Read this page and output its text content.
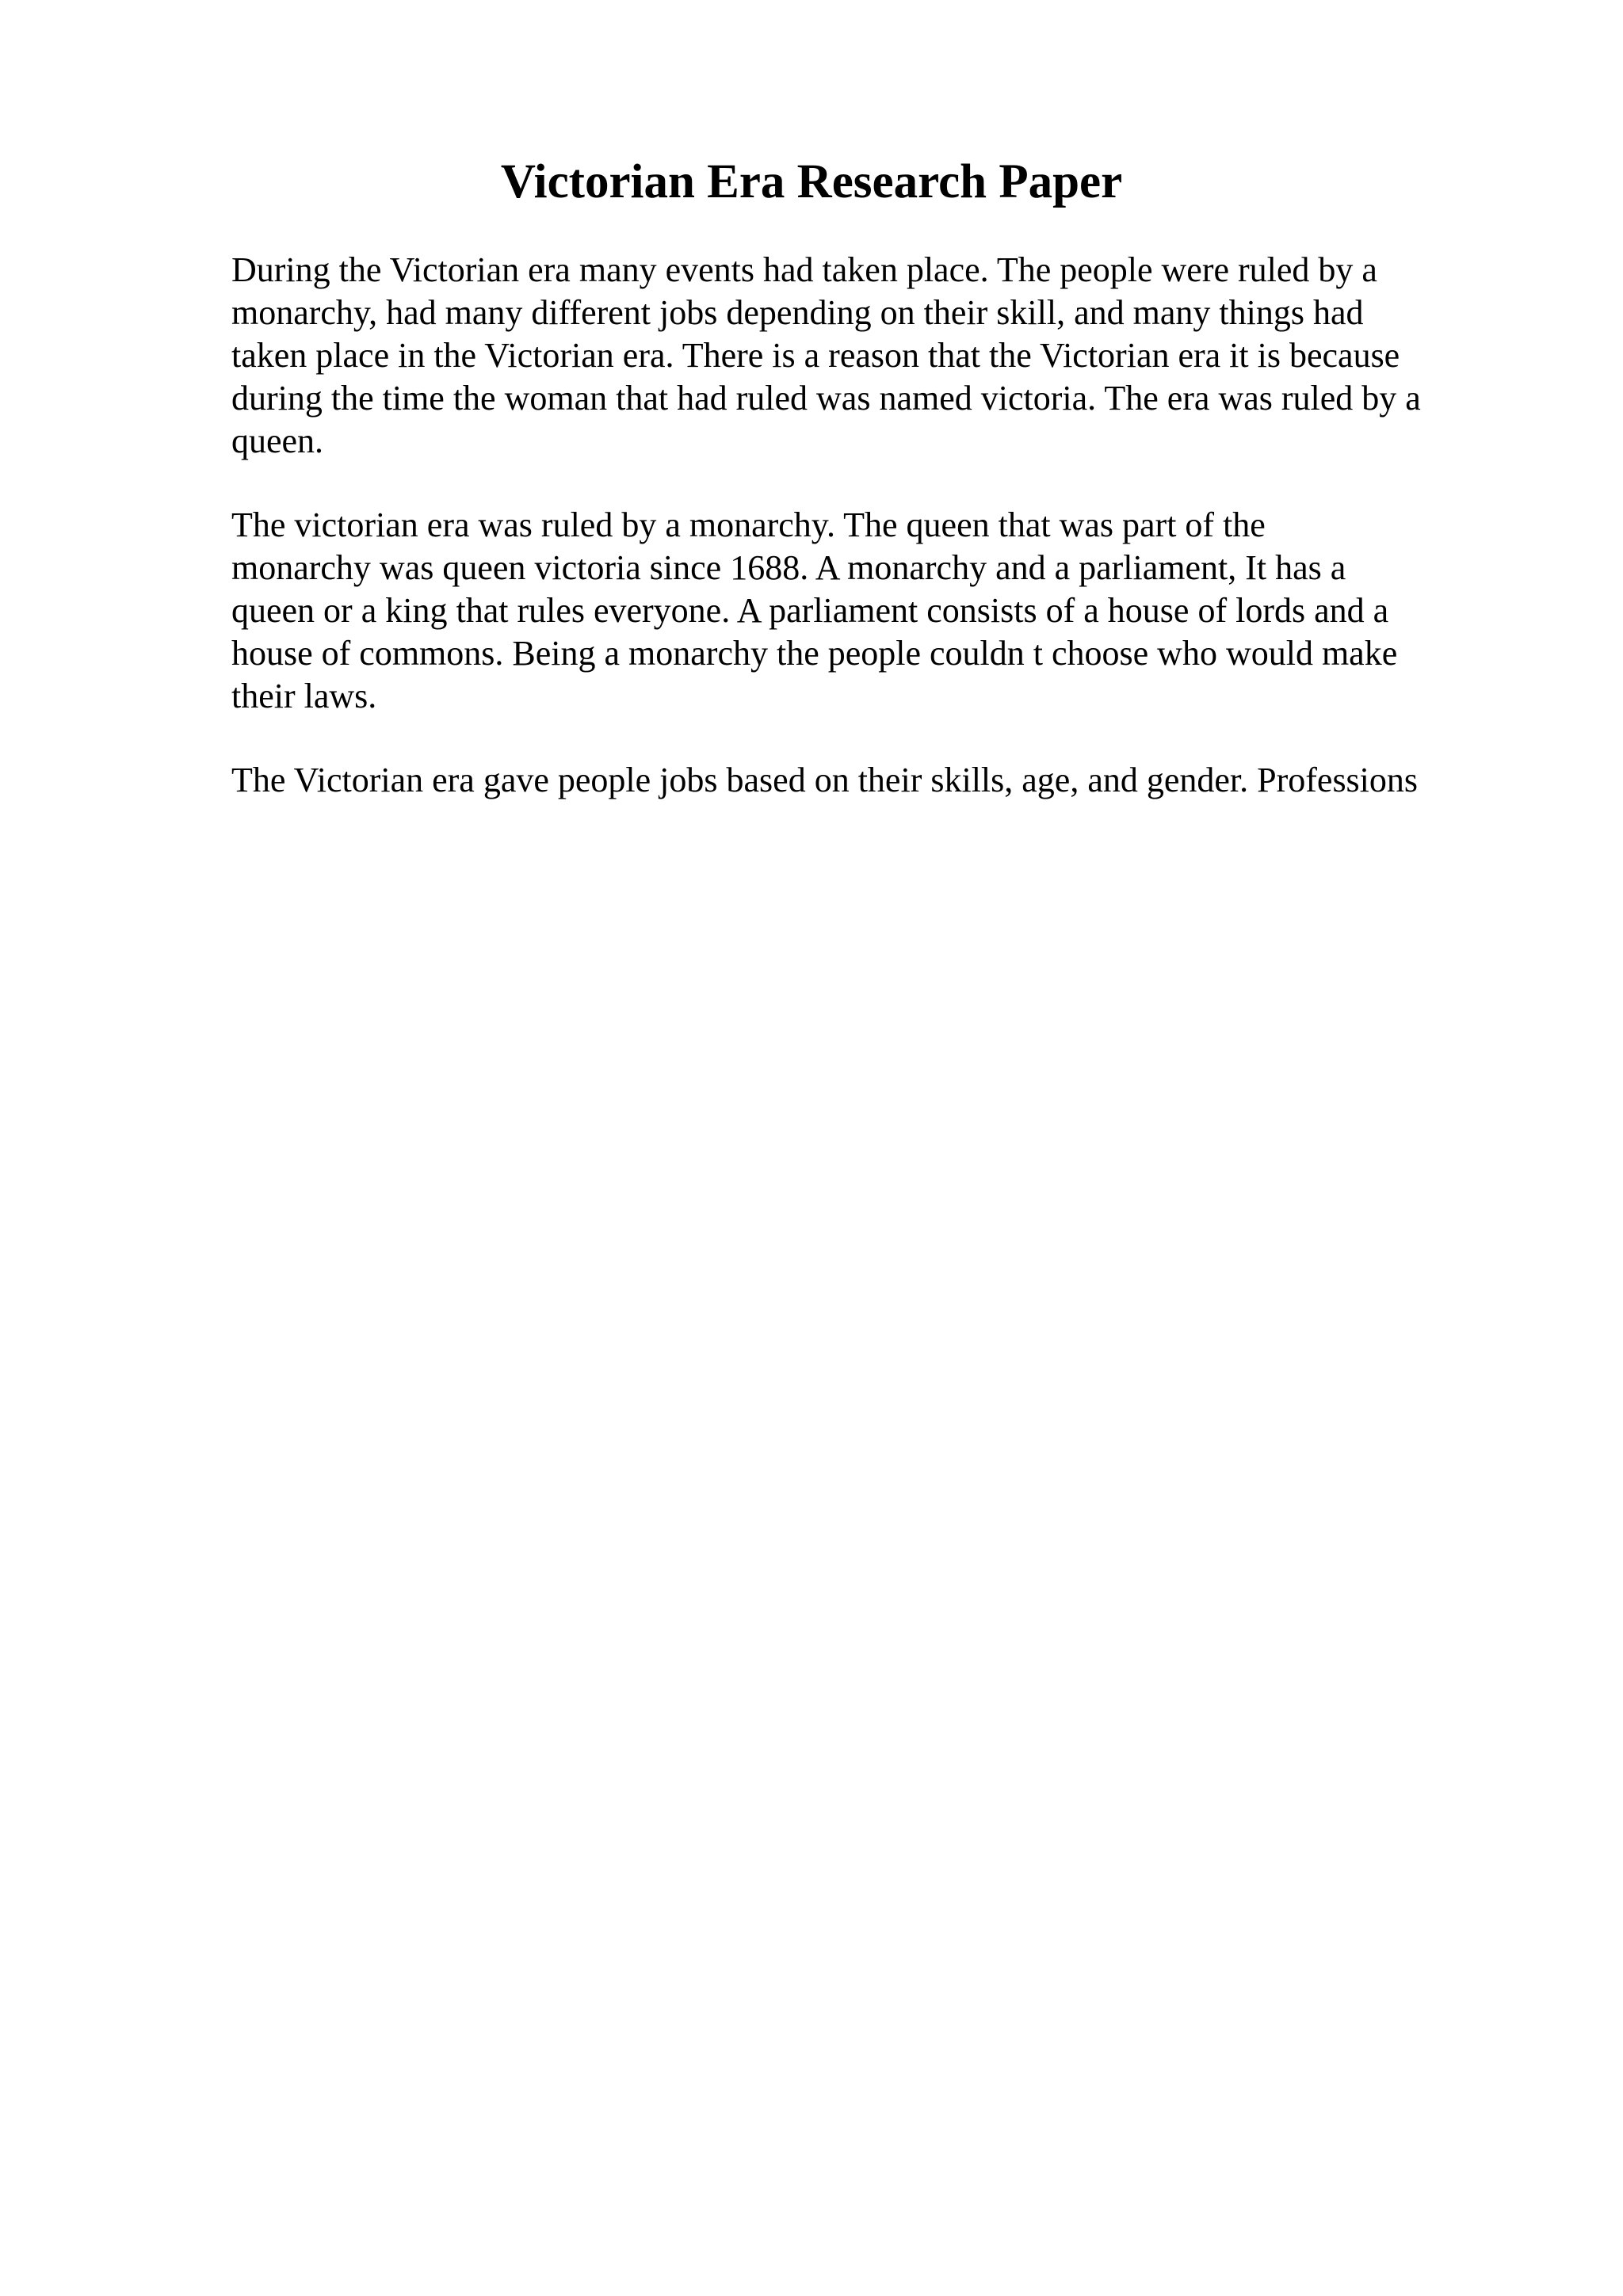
Victorian Era Research Paper

During the Victorian era many events had taken place. The people were ruled by a
monarchy, had many different jobs depending on their skill, and many things had
taken place in the Victorian era. There is a reason that the Victorian era it is because
during the time the woman that had ruled was named victoria. The era was ruled by a
queen.

The victorian era was ruled by a monarchy. The queen that was part of the
monarchy was queen victoria since 1688. A monarchy and a parliament, It has a
queen or a king that rules everyone. A parliament consists of a house of lords and a
house of commons. Being a monarchy the people couldn t choose who would make
their laws.

The Victorian era gave people jobs based on their skills, age, and gender. Professions
